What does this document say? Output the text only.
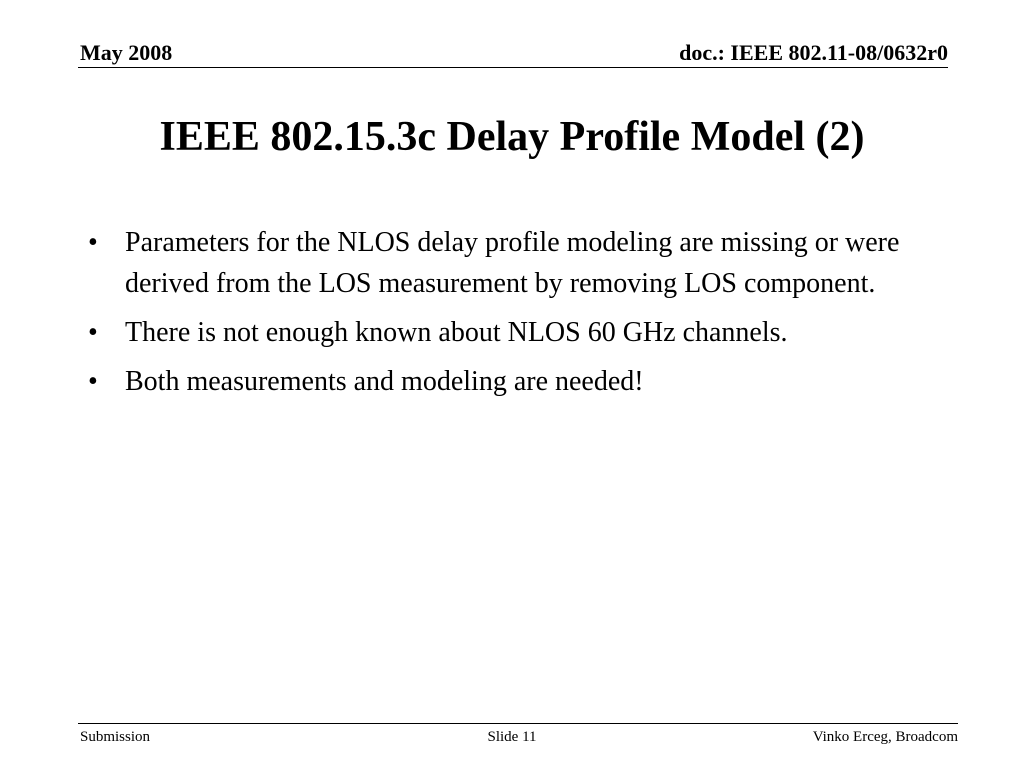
May 2008	doc.: IEEE 802.11-08/0632r0
IEEE 802.15.3c Delay Profile Model (2)
• Parameters for the NLOS delay profile modeling are missing or were derived from the LOS measurement by removing LOS component.
• There is not enough known about NLOS 60 GHz channels.
• Both measurements and modeling are needed!
Submission	Slide 11	Vinko Erceg, Broadcom
